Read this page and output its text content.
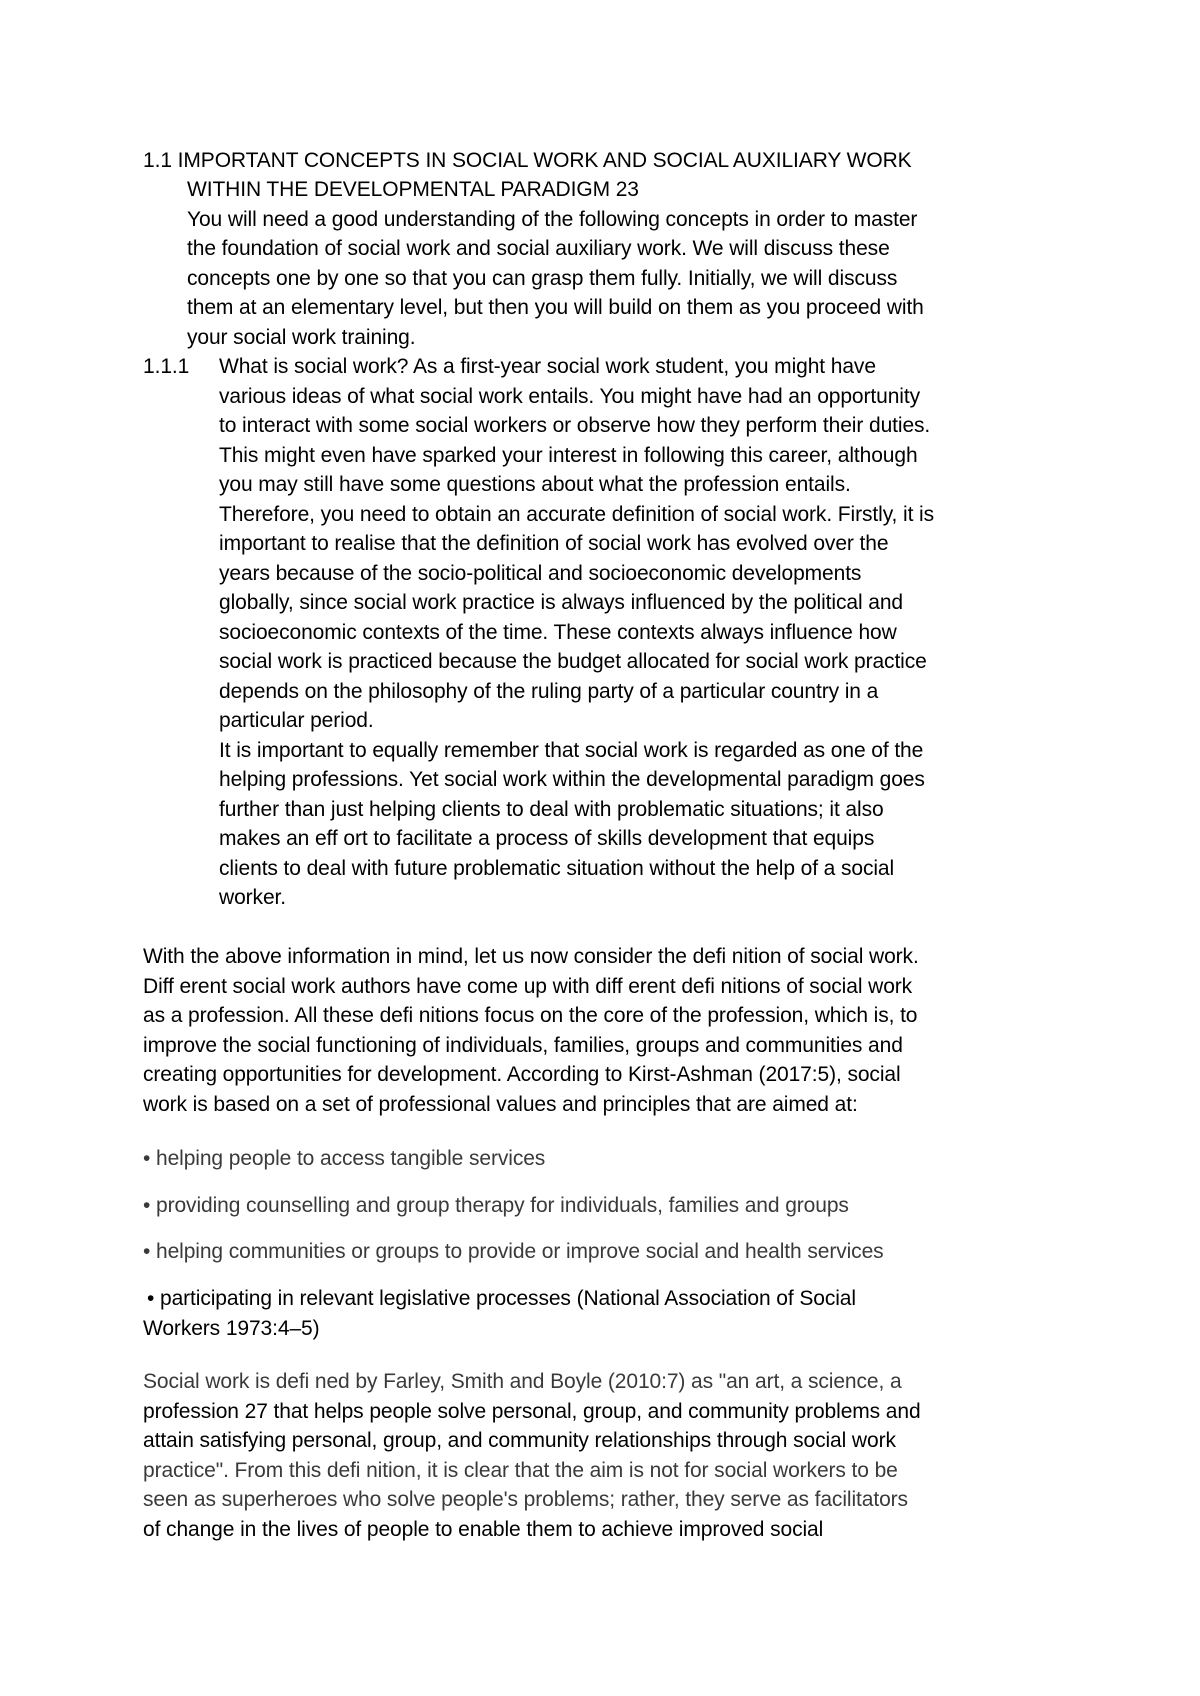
1.1 IMPORTANT CONCEPTS IN SOCIAL WORK AND SOCIAL AUXILIARY WORK
WITHIN THE DEVELOPMENTAL PARADIGM 23
You will need a good understanding of the following concepts in order to master
the foundation of social work and social auxiliary work. We will discuss these
concepts one by one so that you can grasp them fully. Initially, we will discuss
them at an elementary level, but then you will build on them as you proceed with
your social work training.
1.1.1 What is social work? As a first-year social work student, you might have
various ideas of what social work entails. You might have had an opportunity
to interact with some social workers or observe how they perform their duties.
This might even have sparked your interest in following this career, although
you may still have some questions about what the profession entails.
Therefore, you need to obtain an accurate definition of social work. Firstly, it is
important to realise that the definition of social work has evolved over the
years because of the socio-political and socioeconomic developments
globally, since social work practice is always influenced by the political and
socioeconomic contexts of the time. These contexts always influence how
social work is practiced because the budget allocated for social work practice
depends on the philosophy of the ruling party of a particular country in a
particular period.
It is important to equally remember that social work is regarded as one of the
helping professions. Yet social work within the developmental paradigm goes
further than just helping clients to deal with problematic situations; it also
makes an eff ort to facilitate a process of skills development that equips
clients to deal with future problematic situation without the help of a social
worker.
With the above information in mind, let us now consider the defi nition of social work.
Diff erent social work authors have come up with diff erent defi nitions of social work
as a profession. All these defi nitions focus on the core of the profession, which is, to
improve the social functioning of individuals, families, groups and communities and
creating opportunities for development. According to Kirst-Ashman (2017:5), social
work is based on a set of professional values and principles that are aimed at:
• helping people to access tangible services
• providing counselling and group therapy for individuals, families and groups
• helping communities or groups to provide or improve social and health services
• participating in relevant legislative processes (National Association of Social
Workers 1973:4–5)
Social work is defi ned by Farley, Smith and Boyle (2010:7) as "an art, a science, a
profession 27 that helps people solve personal, group, and community problems and
attain satisfying personal, group, and community relationships through social work
practice". From this defi nition, it is clear that the aim is not for social workers to be
seen as superheroes who solve people's problems; rather, they serve as facilitators
of change in the lives of people to enable them to achieve improved social
